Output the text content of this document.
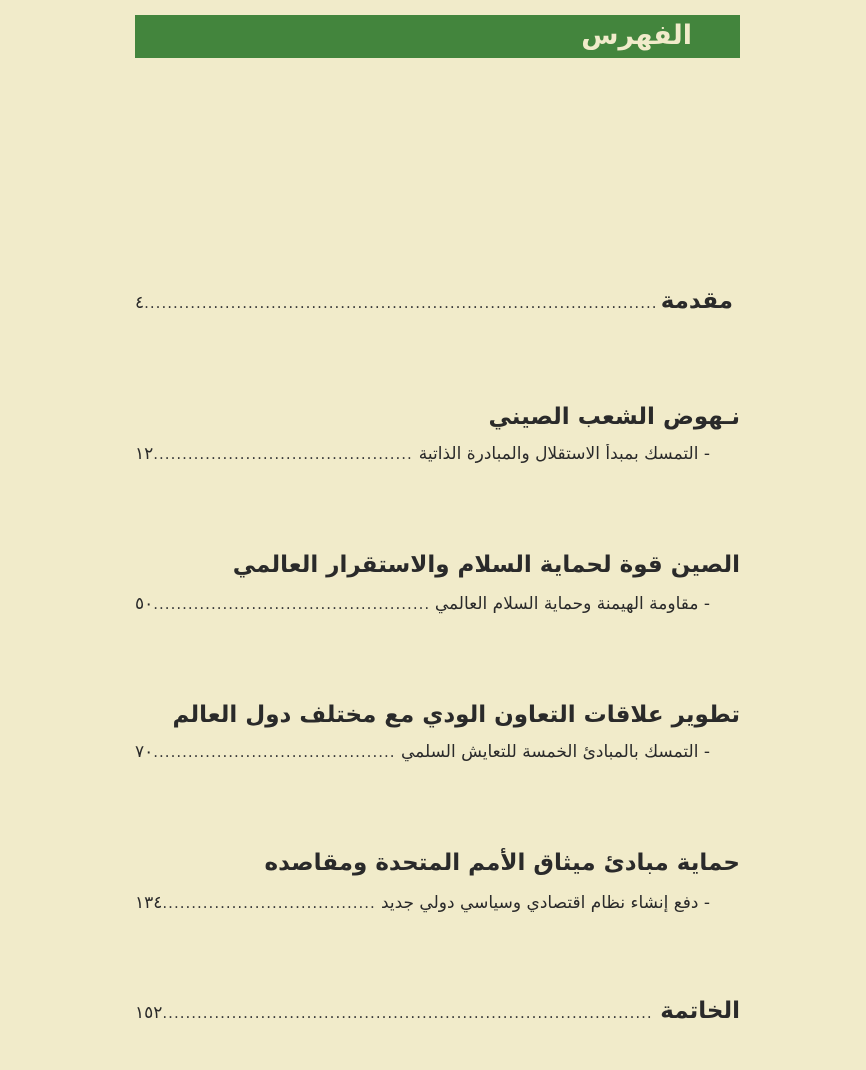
الفهرس
مقدمة
.....
٤
نـهوض الشعب الصيني
- التمسك بمبدأ الاستقلال والمبادرة الذاتية
.....
١٢
الصين قوة لحماية السلام والاستقرار العالمي
- مقاومة الهيمنة وحماية السلام العالمي
.....
٥٠
تطوير علاقات التعاون الودي مع مختلف دول العالم
- التمسك بالمبادئ الخمسة للتعايش السلمي
.....
٧٠
حماية مبادئ ميثاق الأمم المتحدة ومقاصده
- دفع إنشاء نظام اقتصادي وسياسي دولي جديد
.....
١٣٤
الخاتمة
.....
١٥٢
